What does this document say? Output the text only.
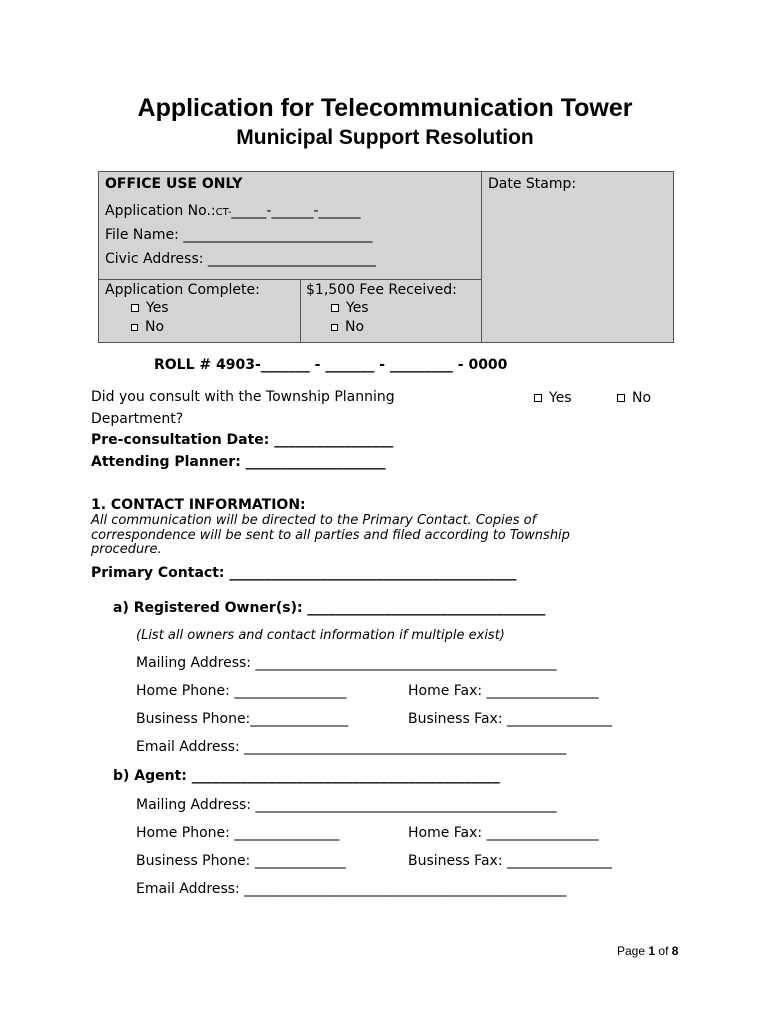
Application for Telecommunication Tower
Municipal Support Resolution
OFFICE USE ONLY	Date Stamp:
Application No.:CT-_____-______-______
File Name: ___________________________
Civic Address: ________________________
Application Complete:
Yes
No
$1,500 Fee Received:
Yes
No
ROLL # 4903-_______ - _______ - _________ - 0000
Did you consult with the Township Planning
Department?
Yes	No
Pre-consultation Date: _________________
Attending Planner: ____________________
1. CONTACT INFORMATION:
All communication will be directed to the Primary Contact. Copies of
correspondence will be sent to all parties and filed according to Township
procedure.
Primary Contact: _________________________________________
a) Registered Owner(s): __________________________________
(List all owners and contact information if multiple exist)
Mailing Address: ___________________________________________
Home Phone: ________________	Home Fax: ________________
Business Phone:______________	Business Fax: _______________
Email Address: ______________________________________________
b) Agent: ____________________________________________
Mailing Address: ___________________________________________
Home Phone: _______________	Home Fax: ________________
Business Phone: _____________	Business Fax: _______________
Email Address: ______________________________________________
Page 1 of 8
